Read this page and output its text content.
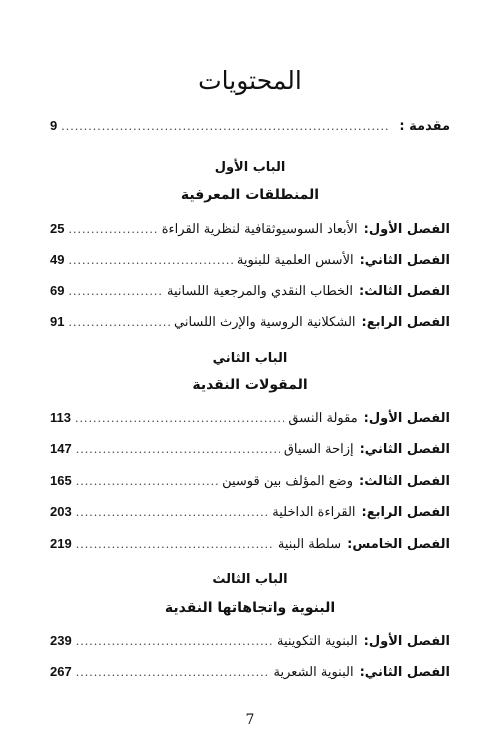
المحتويات
مقدمة :
.....
9
الباب الأول
المنطلقات المعرفية
الفصل الأول:
الأبعاد السوسيوثقافية لنظرية القراءة
.....
25
الفصل الثاني:
الأسس العلمية للبنوية
.....
49
الفصل الثالث:
الخطاب النقدي والمرجعية اللسانية
.....
69
الفصل الرابع:
الشكلانية الروسية والإرث اللساني
.....
91
الباب الثاني
المقولات النقدية
الفصل الأول:
مقولة النسق
.....
113
الفصل الثاني:
إزاحة السياق
.....
147
الفصل الثالث:
وضع المؤلف بين قوسين
.....
165
الفصل الرابع:
القراءة الداخلية
.....
203
الفصل الخامس:
سلطة البنية
.....
219
الباب الثالث
البنوية واتجاهاتها النقدية
الفصل الأول:
البنوية التكوينية
.....
239
الفصل الثاني:
البنوية الشعرية
.....
267
7
